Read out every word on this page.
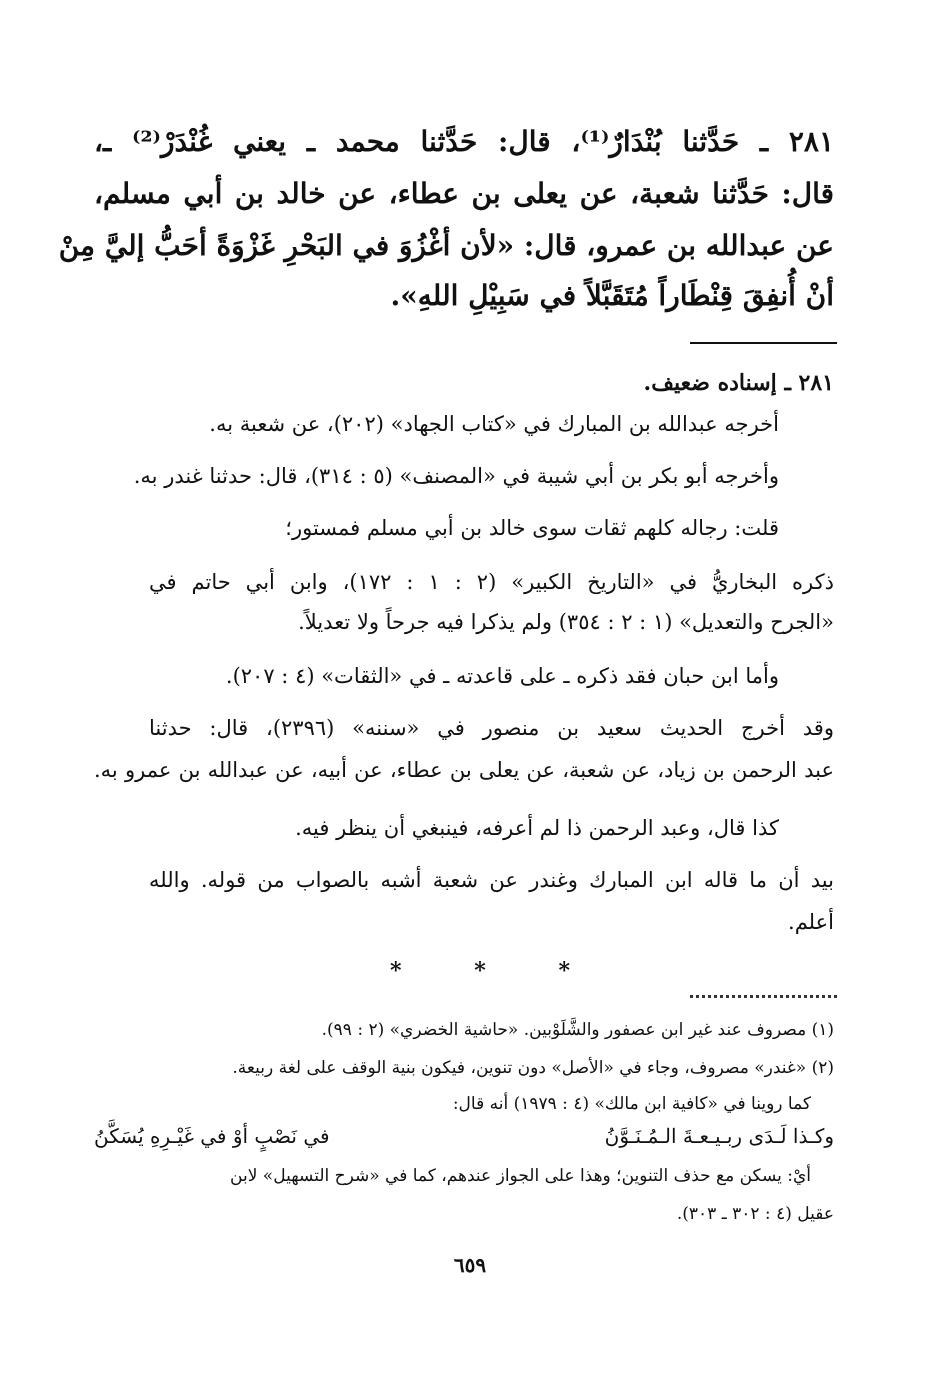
٢٨١ ـ حَدَّثنا بُنْدَارٌ⁽¹⁾، قال: حَدَّثنا محمد ـ يعني غُنْدَرْ⁽²⁾ ـ،
قال: حَدَّثنا شعبة، عن يعلى بن عطاء، عن خالد بن أبي مسلم،
عن عبدالله بن عمرو، قال: «لأن أغْزُوَ في البَحْرِ غَزْوَةً أحَبُّ إليَّ مِنْ
أنْ أُنفِقَ قِنْطَاراً مُتَقَبَّلاً في سَبِيْلِ اللهِ».
٢٨١ ـ إسناده ضعيف.
أخرجه عبدالله بن المبارك في «كتاب الجهاد» (٢٠٢)، عن شعبة به.
وأخرجه أبو بكر بن أبي شيبة في «المصنف» (٥ : ٣١٤)، قال: حدثنا غندر به.
قلت: رجاله كلهم ثقات سوى خالد بن أبي مسلم فمستور؛
ذكره البخاريُّ في «التاريخ الكبير» (٢ : ١ : ١٧٢)، وابن أبي حاتم في
«الجرح والتعديل» (١ : ٢ : ٣٥٤) ولم يذكرا فيه جرحاً ولا تعديلاً.
وأما ابن حبان فقد ذكره ـ على قاعدته ـ في «الثقات» (٤ : ٢٠٧).
وقد أخرج الحديث سعيد بن منصور في «سننه» (٢٣٩٦)، قال: حدثنا
عبد الرحمن بن زياد، عن شعبة، عن يعلى بن عطاء، عن أبيه، عن عبدالله بن عمرو به.
كذا قال، وعبد الرحمن ذا لم أعرفه، فينبغي أن ينظر فيه.
بيد أن ما قاله ابن المبارك وغندر عن شعبة أشبه بالصواب من قوله. والله
أعلم.
*	*	*
(١) مصروف عند غير ابن عصفور والشَّلَوْبين. «حاشية الخضري» (٢ : ٩٩).
(٢) «غندر» مصروف، وجاء في «الأصل» دون تنوين، فيكون بنية الوقف على لغة ربيعة.
كما روينا في «كافية ابن مالك» (٤ : ١٩٧٩) أنه قال:
وكـذا لَـدَى ربـيـعـةَ الـمُـنَـوَّنُ
في نَصْبٍ أوْ في غَيْـرِهِ يُسَكَّنُ
أيْ: يسكن مع حذف التنوين؛ وهذا على الجواز عندهم، كما في «شرح التسهيل» لابن
عقيل (٤ : ٣٠٢ ـ ٣٠٣).
٦٥٩
